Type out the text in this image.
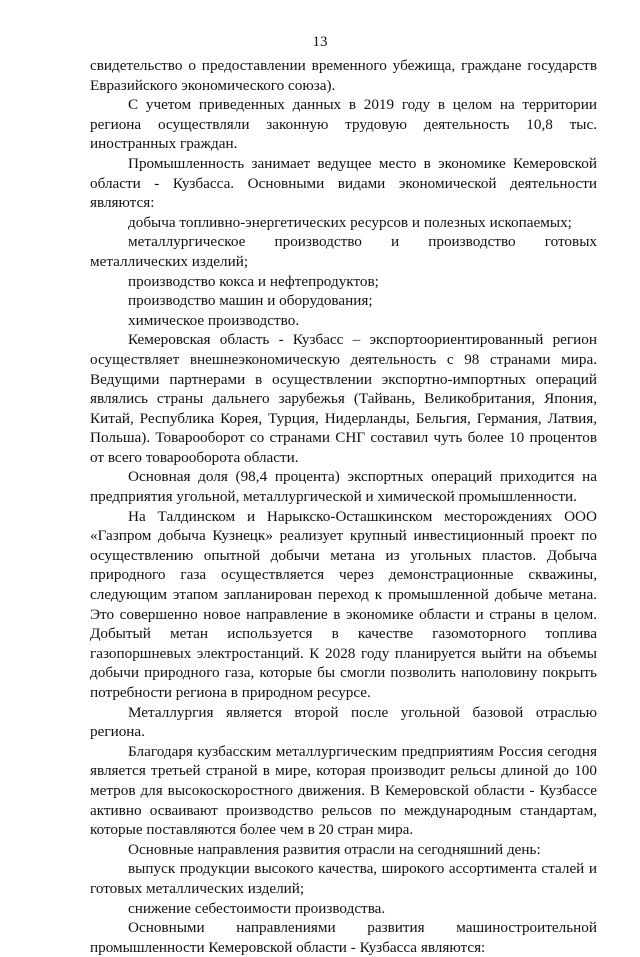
13

свидетельство о предоставлении временного убежища, граждане государств Евразийского экономического союза).

С учетом приведенных данных в 2019 году в целом на территории региона осуществляли законную трудовую деятельность 10,8 тыс. иностранных граждан.

Промышленность занимает ведущее место в экономике Кемеровской области - Кузбасса. Основными видами экономической деятельности являются:

добыча топливно-энергетических ресурсов и полезных ископаемых;

металлургическое производство и производство готовых металлических изделий;

производство кокса и нефтепродуктов;

производство машин и оборудования;

химическое производство.

Кемеровская область - Кузбасс – экспортоориентированный регион осуществляет внешнеэкономическую деятельность с 98 странами мира. Ведущими партнерами в осуществлении экспортно-импортных операций являлись страны дальнего зарубежья (Тайвань, Великобритания, Япония, Китай, Республика Корея, Турция, Нидерланды, Бельгия, Германия, Латвия, Польша). Товарооборот со странами СНГ составил чуть более 10 процентов от всего товарооборота области.

Основная доля (98,4 процента) экспортных операций приходится на предприятия угольной, металлургической и химической промышленности.

На Талдинском и Нарыкско-Осташкинском месторождениях ООО «Газпром добыча Кузнецк» реализует крупный инвестиционный проект по осуществлению опытной добычи метана из угольных пластов. Добыча природного газа осуществляется через демонстрационные скважины, следующим этапом запланирован переход к промышленной добыче метана. Это совершенно новое направление в экономике области и страны в целом. Добытый метан используется в качестве газомоторного топлива газопоршневых электростанций. К 2028 году планируется выйти на объемы добычи природного газа, которые бы смогли позволить наполовину покрыть потребности региона в природном ресурсе.

Металлургия является второй после угольной базовой отраслью региона.

Благодаря кузбасским металлургическим предприятиям Россия сегодня является третьей страной в мире, которая производит рельсы длиной до 100 метров для высокоскоростного движения. В Кемеровской области - Кузбассе активно осваивают производство рельсов по международным стандартам, которые поставляются более чем в 20 стран мира.

Основные направления развития отрасли на сегодняшний день:

выпуск продукции высокого качества, широкого ассортимента сталей и готовых металлических изделий;

снижение себестоимости производства.

Основными направлениями развития машиностроительной промышленности Кемеровской области - Кузбасса являются:
